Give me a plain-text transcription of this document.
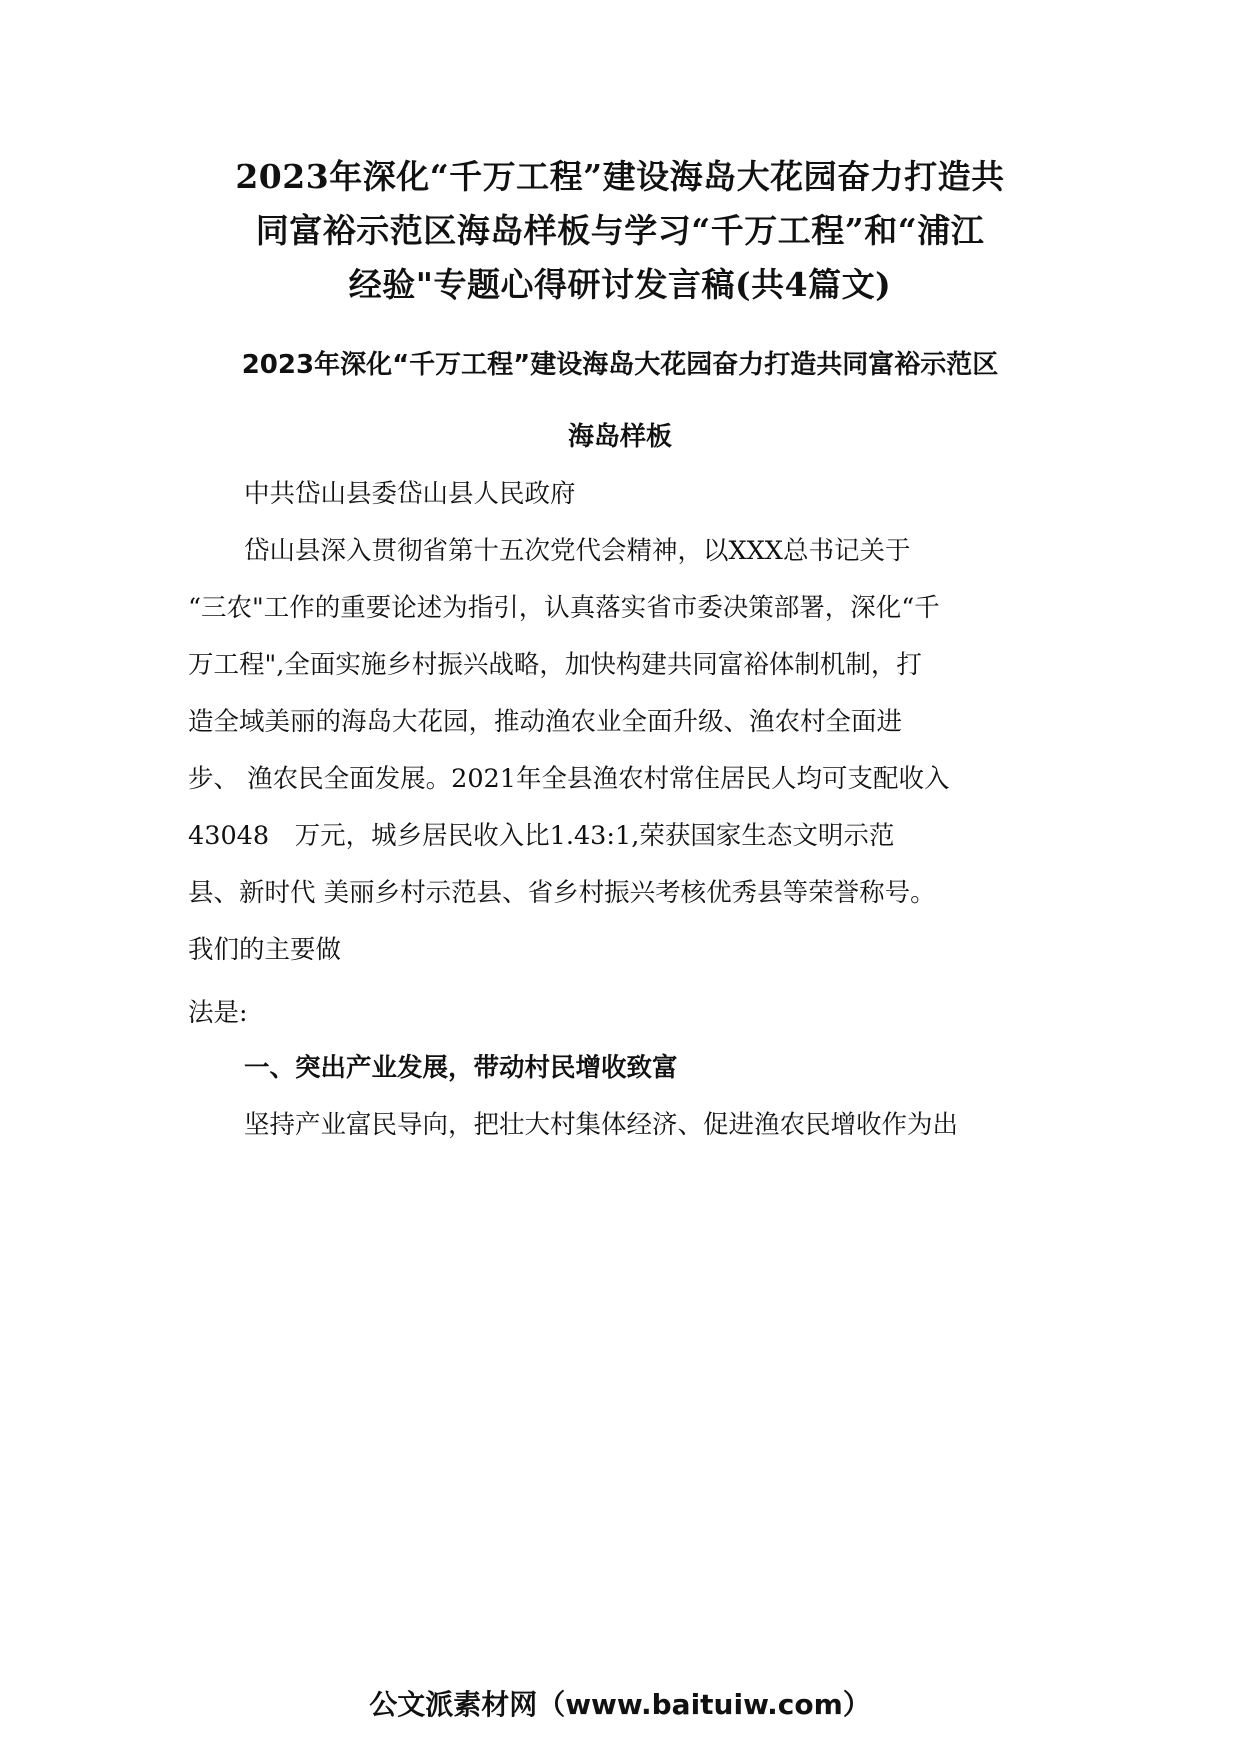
2023年深化“千万工程”建设海岛大花园奋力打造共
同富裕示范区海岛样板与学习“千万工程”和“浦江
经验"专题心得研讨发言稿(共4篇文)
2023年深化“千万工程”建设海岛大花园奋力打造共同富裕示范区
海岛样板
中共岱山县委岱山县人民政府
岱山县深入贯彻省第十五次党代会精神，以XXX总书记关于
“三农"工作的重要论述为指引，认真落实省市委决策部署，深化“千
万工程",全面实施乡村振兴战略，加快构建共同富裕体制机制，打
造全域美丽的海岛大花园，推动渔农业全面升级、渔农村全面进
步、 渔农民全面发展。2021年全县渔农村常住居民人均可支配收入
43048　万元，城乡居民收入比1.43:1,荣获国家生态文明示范
县、新时代 美丽乡村示范县、省乡村振兴考核优秀县等荣誉称号。
我们的主要做
法是:
一、突出产业发展，带动村民增收致富
坚持产业富民导向，把壮大村集体经济、促进渔农民增收作为出
公文派素材网（www.baituiw.com）
